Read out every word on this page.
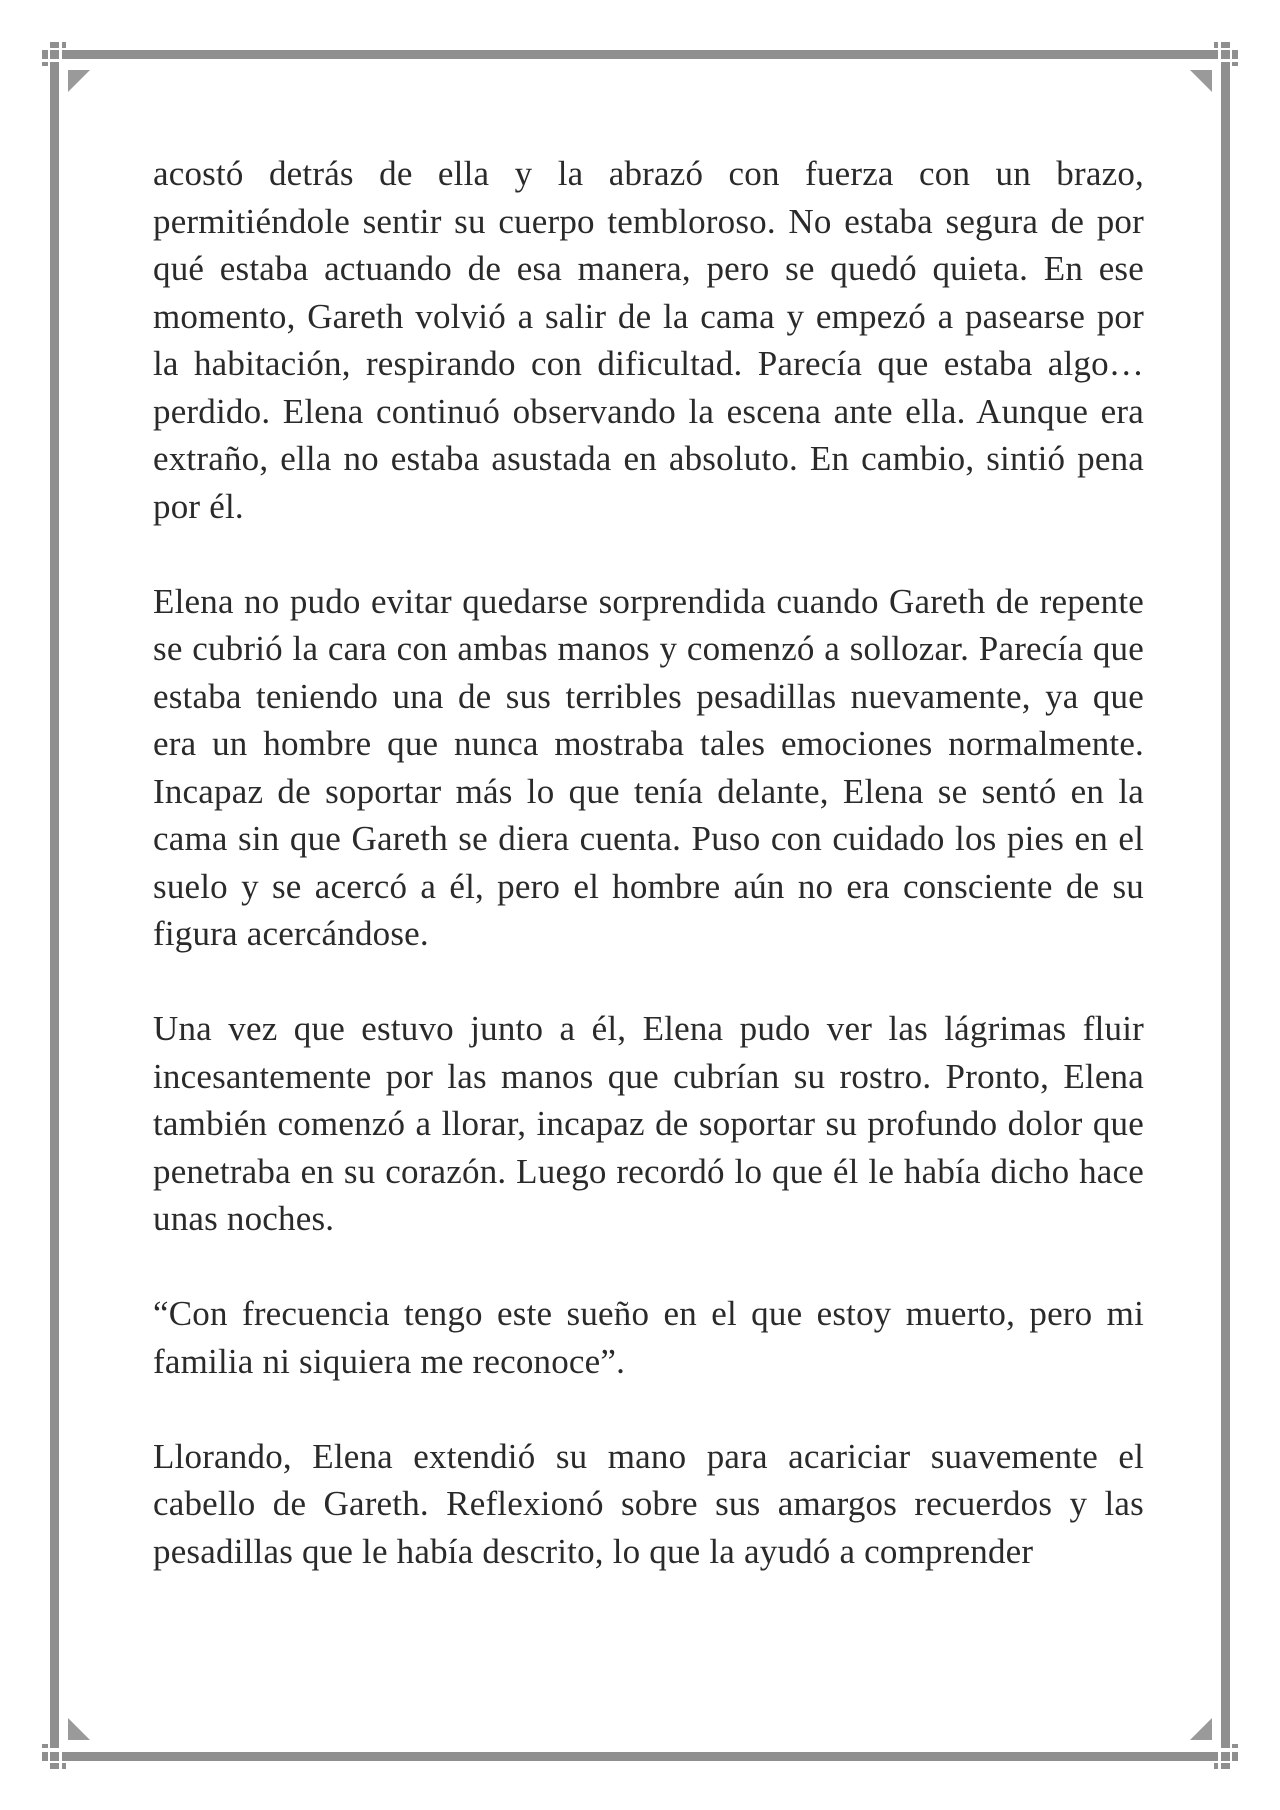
acostó detrás de ella y la abrazó con fuerza con un brazo, permitiéndole sentir su cuerpo tembloroso. No estaba segura de por qué estaba actuando de esa manera, pero se quedó quieta. En ese momento, Gareth volvió a salir de la cama y empezó a pasearse por la habitación, respirando con dificultad. Parecía que estaba algo… perdido. Elena continuó observando la escena ante ella. Aunque era extraño, ella no estaba asustada en absoluto. En cambio, sintió pena por él.

Elena no pudo evitar quedarse sorprendida cuando Gareth de repente se cubrió la cara con ambas manos y comenzó a sollozar. Parecía que estaba teniendo una de sus terribles pesadillas nuevamente, ya que era un hombre que nunca mostraba tales emociones normalmente. Incapaz de soportar más lo que tenía delante, Elena se sentó en la cama sin que Gareth se diera cuenta. Puso con cuidado los pies en el suelo y se acercó a él, pero el hombre aún no era consciente de su figura acercándose.

Una vez que estuvo junto a él, Elena pudo ver las lágrimas fluir incesantemente por las manos que cubrían su rostro. Pronto, Elena también comenzó a llorar, incapaz de soportar su profundo dolor que penetraba en su corazón. Luego recordó lo que él le había dicho hace unas noches.

“Con frecuencia tengo este sueño en el que estoy muerto, pero mi familia ni siquiera me reconoce”.

Llorando, Elena extendió su mano para acariciar suavemente el cabello de Gareth. Reflexionó sobre sus amargos recuerdos y las pesadillas que le había descrito, lo que la ayudó a comprender
